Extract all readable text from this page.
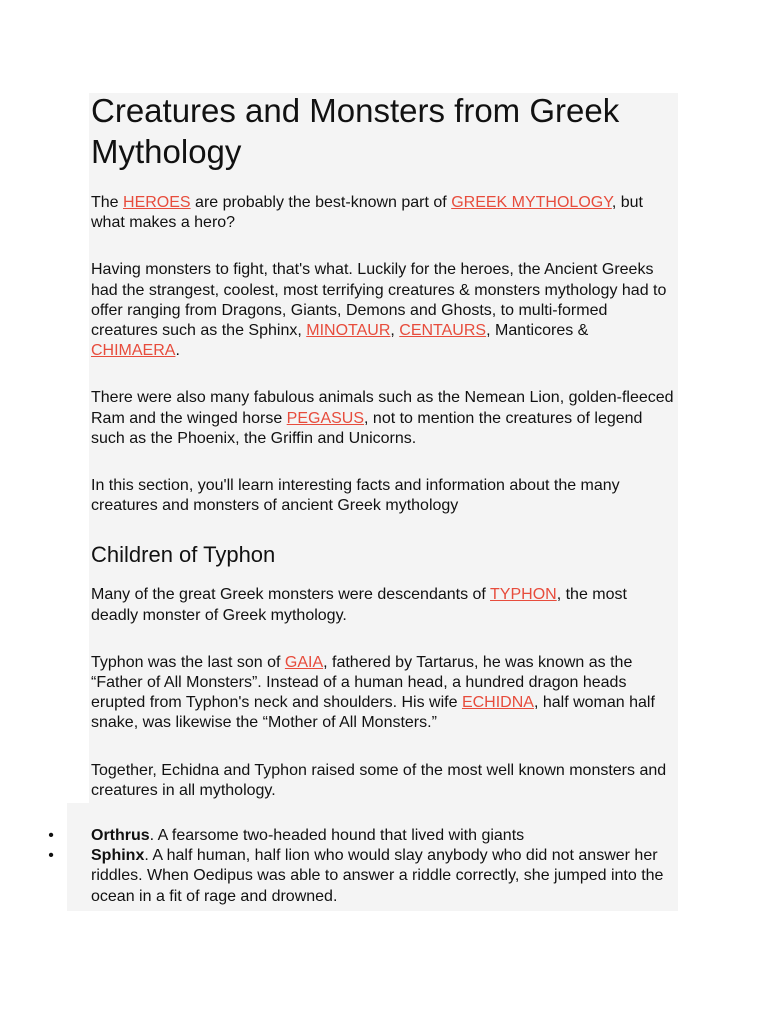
Creatures and Monsters from Greek Mythology

The HEROES are probably the best-known part of GREEK MYTHOLOGY, but what makes a hero?

Having monsters to fight, that's what. Luckily for the heroes, the Ancient Greeks had the strangest, coolest, most terrifying creatures & monsters mythology had to offer ranging from Dragons, Giants, Demons and Ghosts, to multi-formed creatures such as the Sphinx, MINOTAUR, CENTAURS, Manticores & CHIMAERA.

There were also many fabulous animals such as the Nemean Lion, golden-fleeced Ram and the winged horse PEGASUS, not to mention the creatures of legend such as the Phoenix, the Griffin and Unicorns.

In this section, you'll learn interesting facts and information about the many creatures and monsters of ancient Greek mythology

Children of Typhon

Many of the great Greek monsters were descendants of TYPHON, the most deadly monster of Greek mythology.

Typhon was the last son of GAIA, fathered by Tartarus, he was known as the “Father of All Monsters”. Instead of a human head, a hundred dragon heads erupted from Typhon's neck and shoulders. His wife ECHIDNA, half woman half snake, was likewise the “Mother of All Monsters.”

Together, Echidna and Typhon raised some of the most well known monsters and creatures in all mythology.

• Orthrus. A fearsome two-headed hound that lived with giants
• Sphinx. A half human, half lion who would slay anybody who did not answer her riddles. When Oedipus was able to answer a riddle correctly, she jumped into the ocean in a fit of rage and drowned.
